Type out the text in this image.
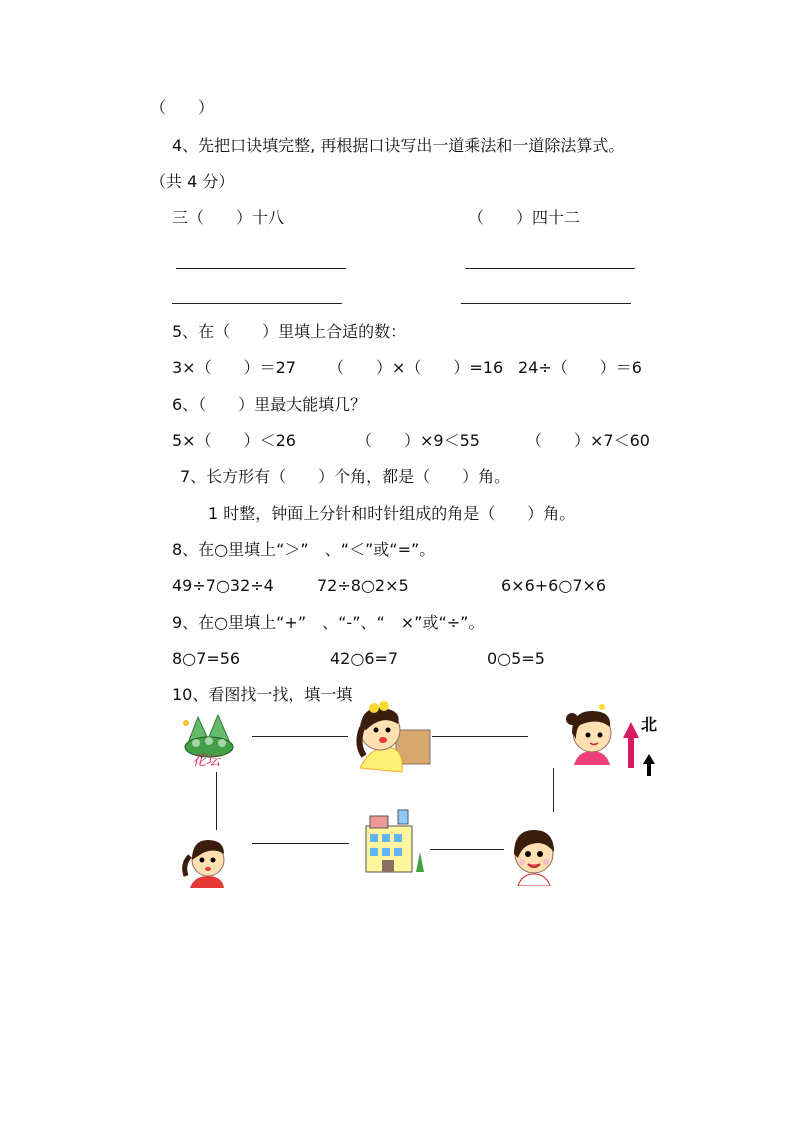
（　　）
4、先把口诀填完整, 再根据口诀写出一道乘法和一道除法算式。
（共 4 分）
三（　　）十八	（　　）四十二
5、在（　　）里填上合适的数：
3×（　　）＝27 （　　）×（　　）=16 24÷（　　）＝6
6、（　　）里最大能填几？
5×（　　）＜26	（　　）×9＜55	（　　）×7＜60
7、长方形有（　　）个角，都是（　　）角。
1 时整，钟面上分针和时针组成的角是（　　）角。
8、在○里填上“＞”　、“＜”或“=”。
49÷7○32÷4	72÷8○2×5	6×6+6○7×6
9、在○里填上“+”　、“-”、“　×”或“÷”。
8○7=56	42○6=7	0○5=5
10、看图找一找，填一填
花坛
北
